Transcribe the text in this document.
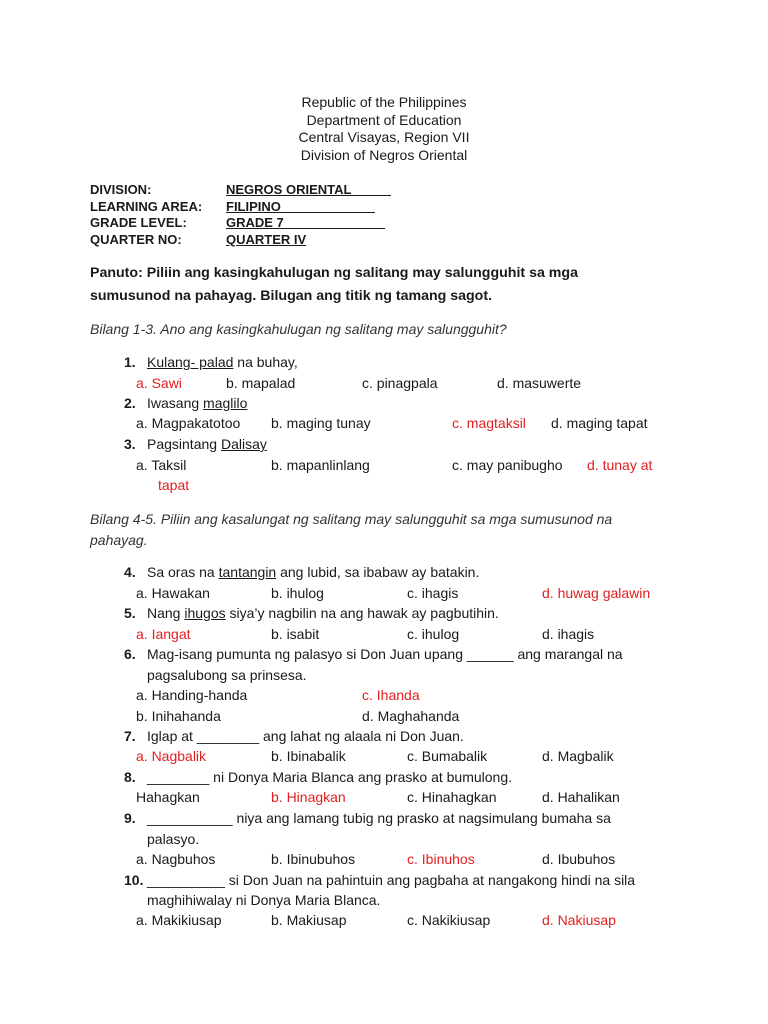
Republic of the Philippines
Department of Education
Central Visayas, Region VII
Division of Negros Oriental
DIVISION:	NEGROS ORIENTAL _____
LEARNING AREA: FILIPINO_____________
GRADE LEVEL:	GRADE 7______________
QUARTER NO:	QUARTER IV
Panuto: Piliin ang kasingkahulugan ng salitang may salungguhit sa mga
sumusunod na pahayag. Bilugan ang titik ng tamang sagot.
Bilang 1-3. Ano ang kasingkahulugan ng salitang may salungguhit?
1. Kulang- palad na buhay,
a. Sawi	b. mapalad	c. pinagpala	d. masuwerte
2. Iwasang maglilo
a. Magpakatotoo b. maging tunay	c. magtaksil d. maging tapat
3. Pagsintang Dalisay
a. Taksil	b. mapanlinlang	c. may panibugho d. tunay at
tapat
Bilang 4-5. Piliin ang kasalungat ng salitang may salungguhit sa mga sumusunod na
pahayag.
4. Sa oras na tantangin ang lubid, sa ibabaw ay batakin.
a. Hawakan	b. ihulog	c. ihagis	d. huwag galawin
5. Nang ihugos siya’y nagbilin na ang hawak ay pagbutihin.
a. Iangat	b. isabit	c. ihulog	d. ihagis
6. Mag-isang pumunta ng palasyo si Don Juan upang ______ ang marangal na
pagsalubong sa prinsesa.
a. Handing-handa	c. Ihanda
b. Inihahanda	d. Maghahanda
7. Iglap at ________ ang lahat ng alaala ni Don Juan.
a. Nagbalik	b. Ibinabalik	c. Bumabalik	d. Magbalik
8. ________ ni Donya Maria Blanca ang prasko at bumulong.
Hahagkan	b. Hinagkan	c. Hinahagkan	d. Hahalikan
9. ___________ niya ang lamang tubig ng prasko at nagsimulang bumaha sa
palasyo.
a. Nagbuhos	b. Ibinubuhos	c. Ibinuhos	d. Ibubuhos
10. __________ si Don Juan na pahintuin ang pagbaha at nangakong hindi na sila
maghihiwalay ni Donya Maria Blanca.
a. Makikiusap	b. Makiusap	c. Nakikiusap	d. Nakiusap
